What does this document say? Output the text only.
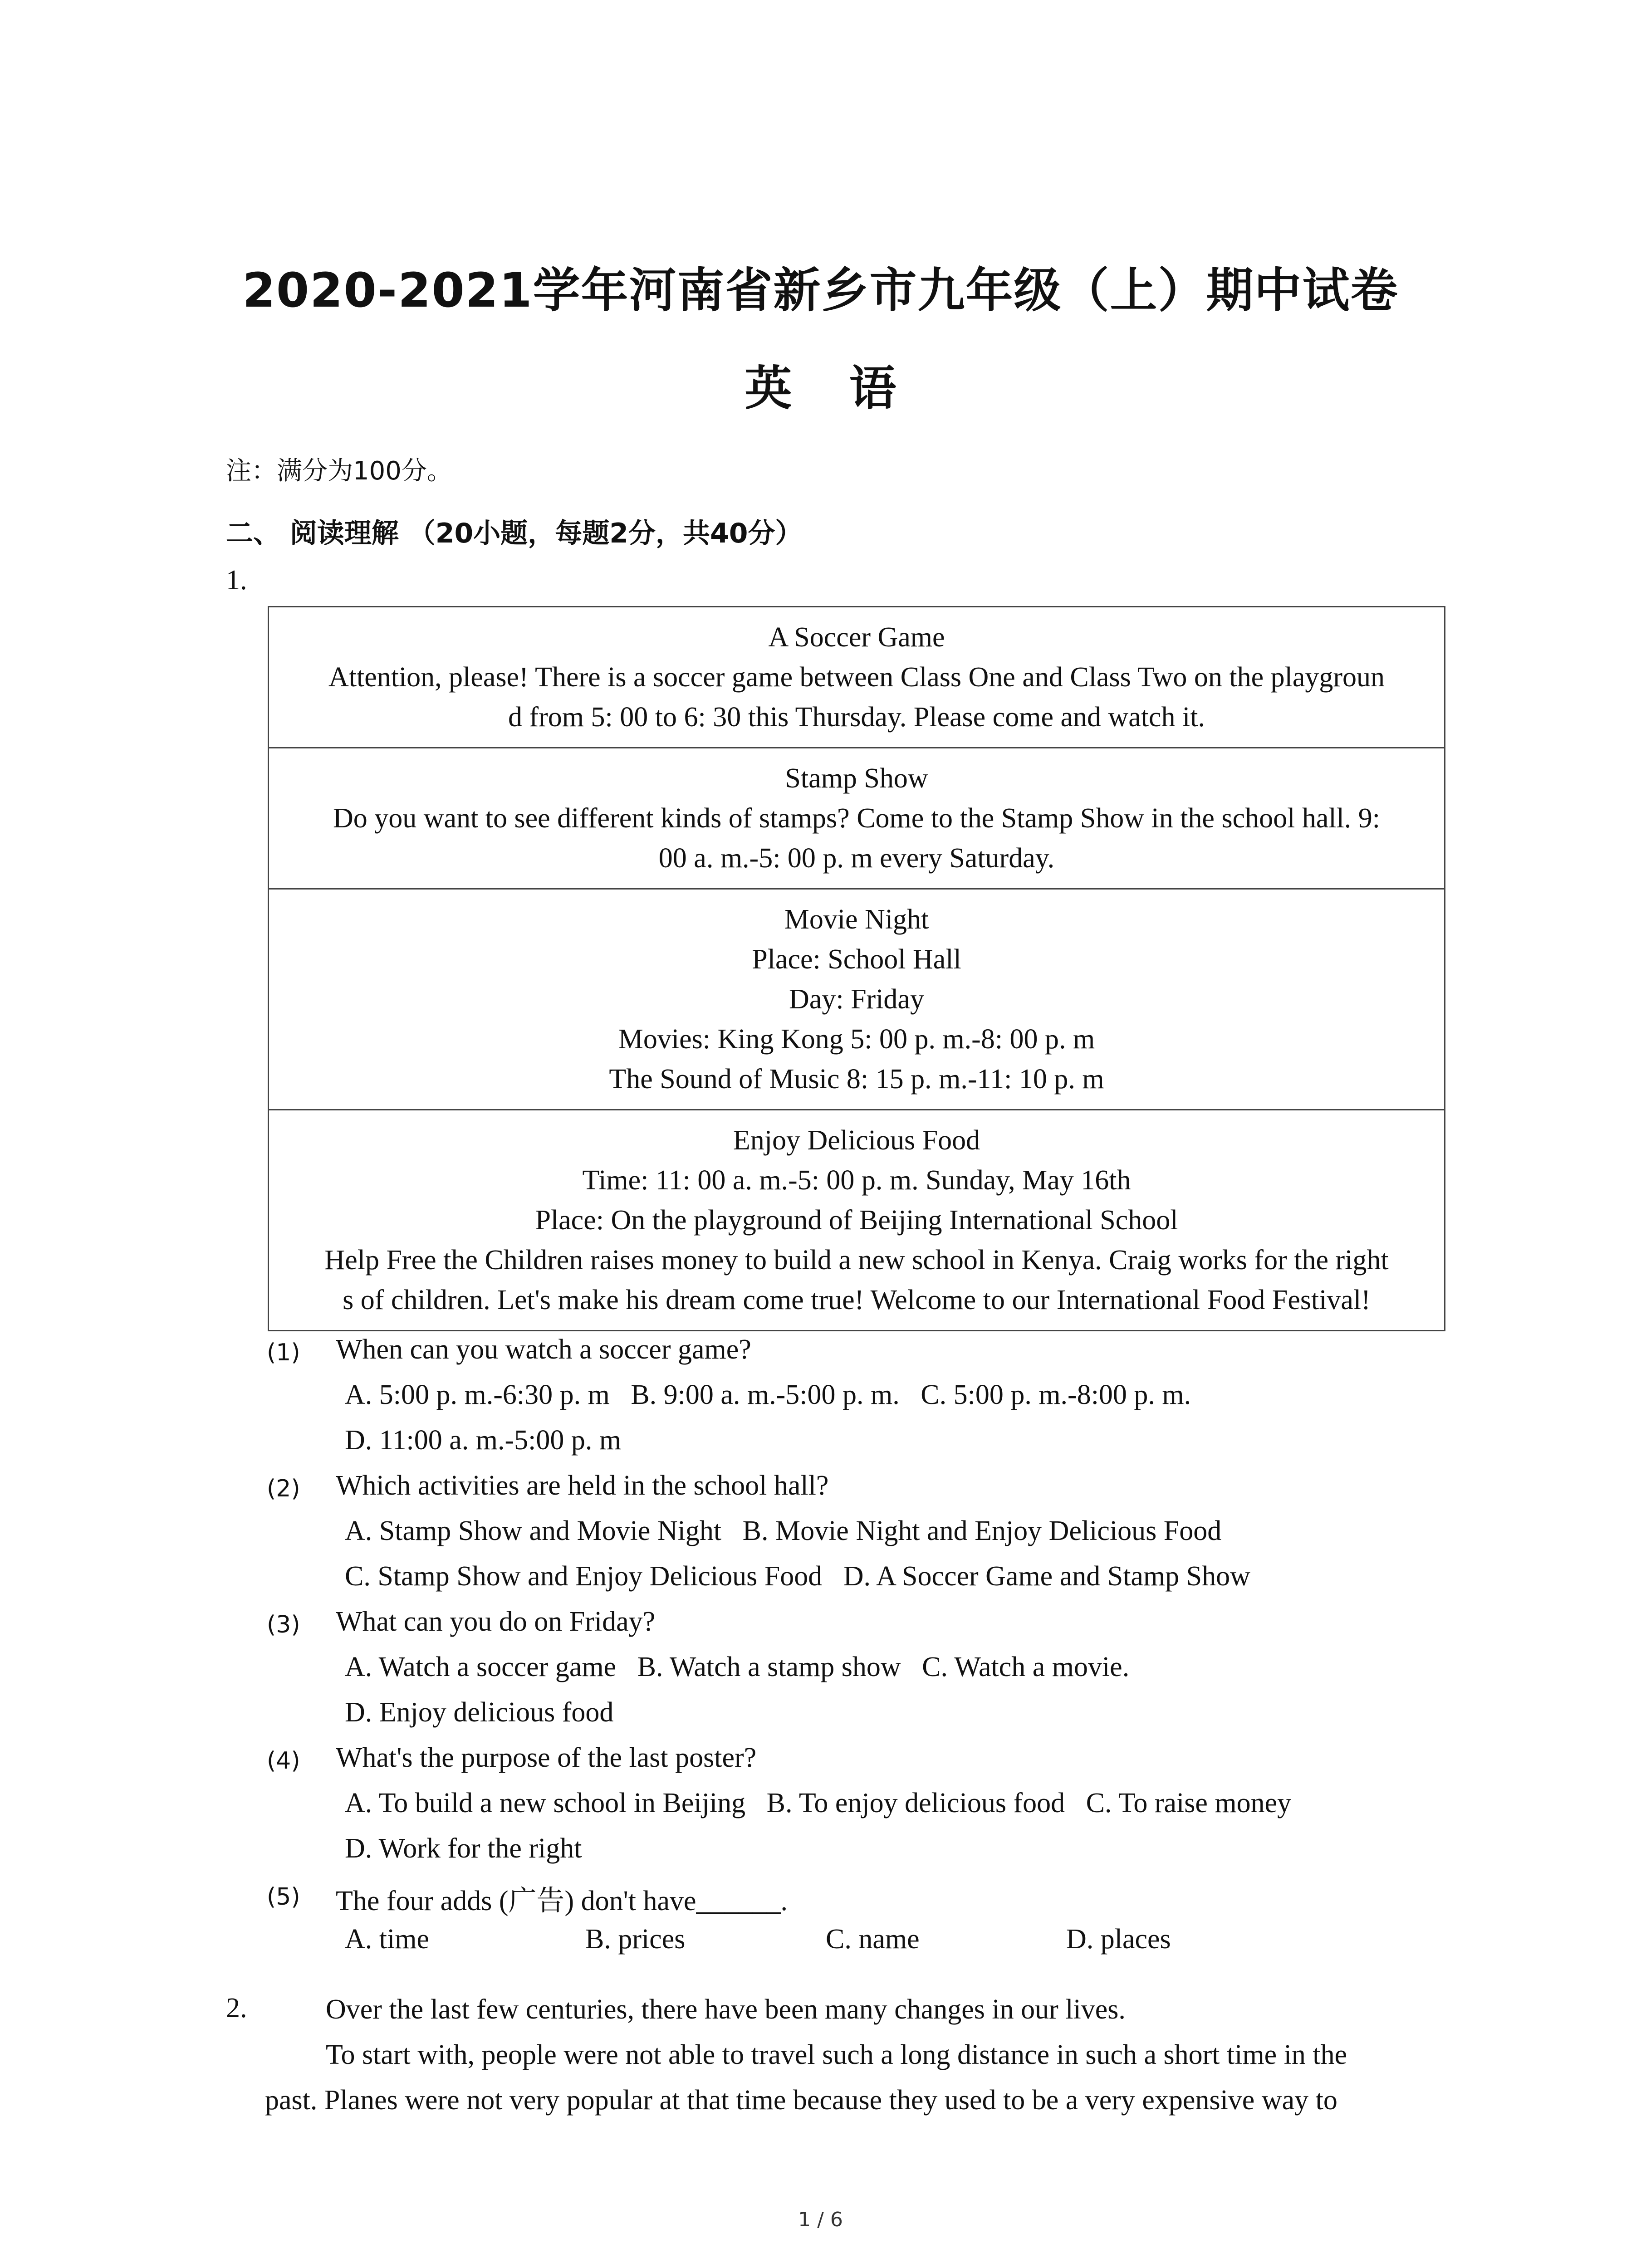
2020-2021学年河南省新乡市九年级（上）期中试卷
英 语
注：满分为100分。
二、 阅读理解 （20小题，每题2分，共40分）
1.
A Soccer Game
Attention, please! There is a soccer game between Class One and Class Two on the playgroun
d from 5: 00 to 6: 30 this Thursday. Please come and watch it.

Stamp Show
Do you want to see different kinds of stamps? Come to the Stamp Show in the school hall. 9:
00 a. m.-5: 00 p. m every Saturday.

Movie Night
Place: School Hall
Day: Friday
Movies: King Kong 5: 00 p. m.-8: 00 p. m
The Sound of Music 8: 15 p. m.-11: 10 p. m

Enjoy Delicious Food
Time: 11: 00 a. m.-5: 00 p. m. Sunday, May 16th
Place: On the playground of Beijing International School
Help Free the Children raises money to build a new school in Kenya. Craig works for the right
s of children. Let's make his dream come true! Welcome to our International Food Festival!
(1) When can you watch a soccer game?
A. 5:00 p. m.-6:30 p. m   B. 9:00 a. m.-5:00 p. m.   C. 5:00 p. m.-8:00 p. m.
D. 11:00 a. m.-5:00 p. m
(2) Which activities are held in the school hall?
A. Stamp Show and Movie Night   B. Movie Night and Enjoy Delicious Food
C. Stamp Show and Enjoy Delicious Food   D. A Soccer Game and Stamp Show
(3) What can you do on Friday?
A. Watch a soccer game   B. Watch a stamp show   C. Watch a movie.
D. Enjoy delicious food
(4) What's the purpose of the last poster?
A. To build a new school in Beijing   B. To enjoy delicious food   C. To raise money
D. Work for the right
(5) The four adds (广告) don't have______.
A. time	B. prices	C. name	D. places
2.	Over the last few centuries, there have been many changes in our lives.
To start with, people were not able to travel such a long distance in such a short time in the
past. Planes were not very popular at that time because they used to be a very expensive way to
1 / 6
